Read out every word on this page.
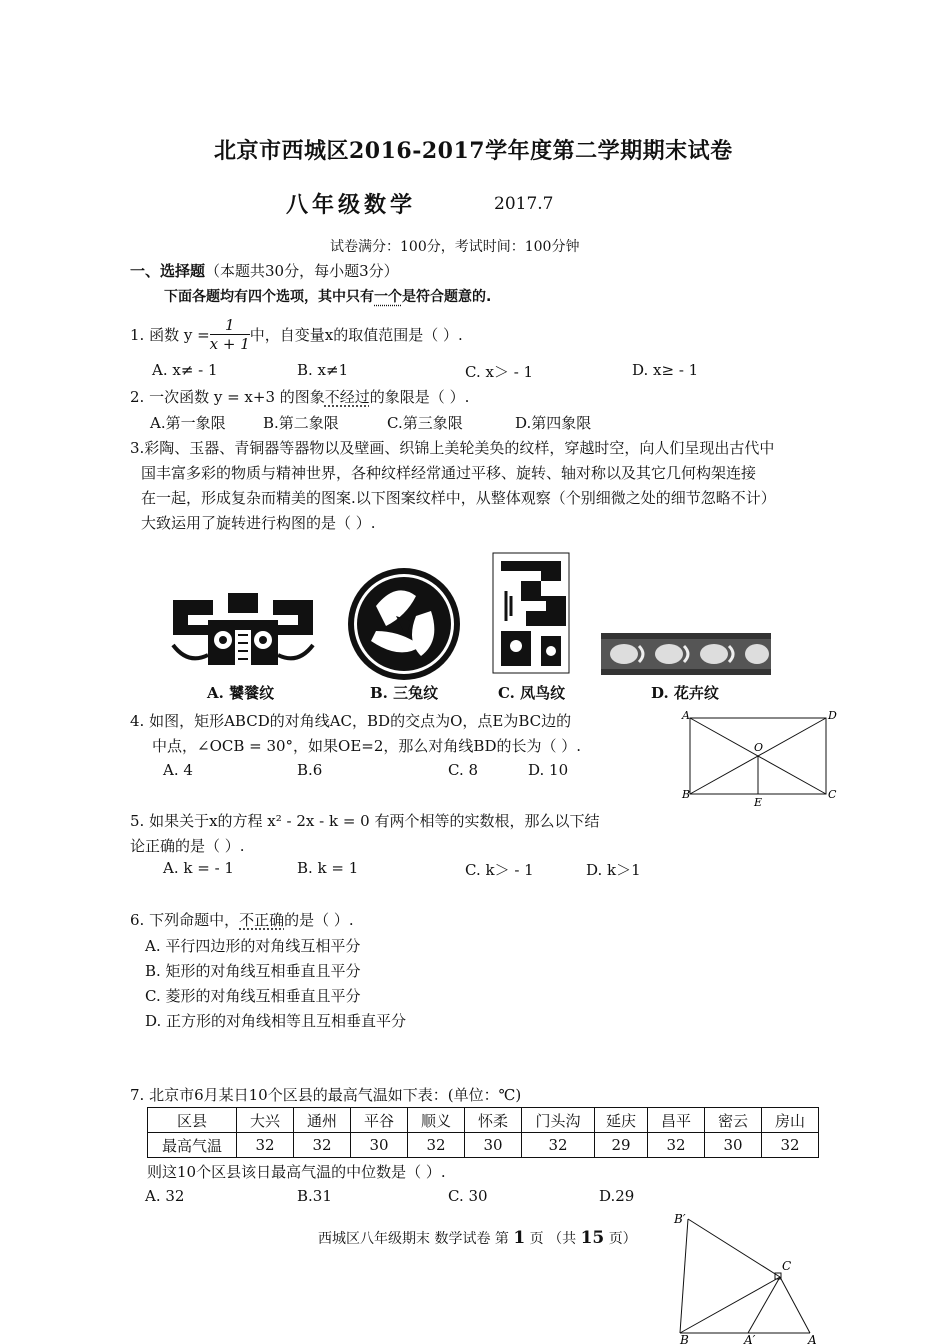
北京市西城区2016-2017学年度第二学期期末试卷
八年级数学	2017.7
试卷满分：100分，考试时间：100分钟
一、选择题（本题共30分，每小题3分）
下面各题均有四个选项，其中只有一个是符合题意的.
1. 函数 $y = \frac{1}{x + 1}$ 中，自变量x的取值范围是（ ）.
A. x≠ - 1	B. x≠1	C. x＞ - 1	D. x≥ - 1
2. 一次函数 y = x+3 的图象不经过的象限是（ ）.
A.第一象限 B.第二象限	C.第三象限	D.第四象限
3.彩陶、玉器、青铜器等器物以及壁画、织锦上美轮美奂的纹样，穿越时空，向人们呈现出古代中
国丰富多彩的物质与精神世界，各种纹样经常通过平移、旋转、轴对称以及其它几何构架连接
在一起，形成复杂而精美的图案.以下图案纹样中，从整体观察（个别细微之处的细节忽略不计）
大致运用了旋转进行构图的是（ ）.
A. 饕餮纹	B. 三兔纹	C. 凤鸟纹	D. 花卉纹
4. 如图，矩形ABCD的对角线AC，BD的交点为O，点E为BC边的
中点，∠OCB = 30°，如果OE=2，那么对角线BD的长为（ ）.
A. 4	B.6	C. 8	D. 10
A	D
O
B
E
C
5. 如果关于x的方程 x² - 2x - k = 0 有两个相等的实数根，那么以下结
论正确的是（ ）.
A. k = - 1	B. k = 1	C. k＞ - 1	D. k＞1
6. 下列命题中，不正确的是（ ）.
A. 平行四边形的对角线互相平分
B. 矩形的对角线互相垂直且平分
C. 菱形的对角线互相垂直且平分
D. 正方形的对角线相等且互相垂直平分
7. 北京市6月某日10个区县的最高气温如下表：(单位：℃)
区县	大兴	通州	平谷	顺义	怀柔	门头沟	延庆	昌平	密云	房山
最高气温	32	32	30	32	30	32	29	32	30	32
则这10个区县该日最高气温的中位数是（ ）.
A. 32	B.31	C. 30	D.29
西城区八年级期末 数学试卷 第 1 页 （共 15 页）
B′
C
B	A′	A
